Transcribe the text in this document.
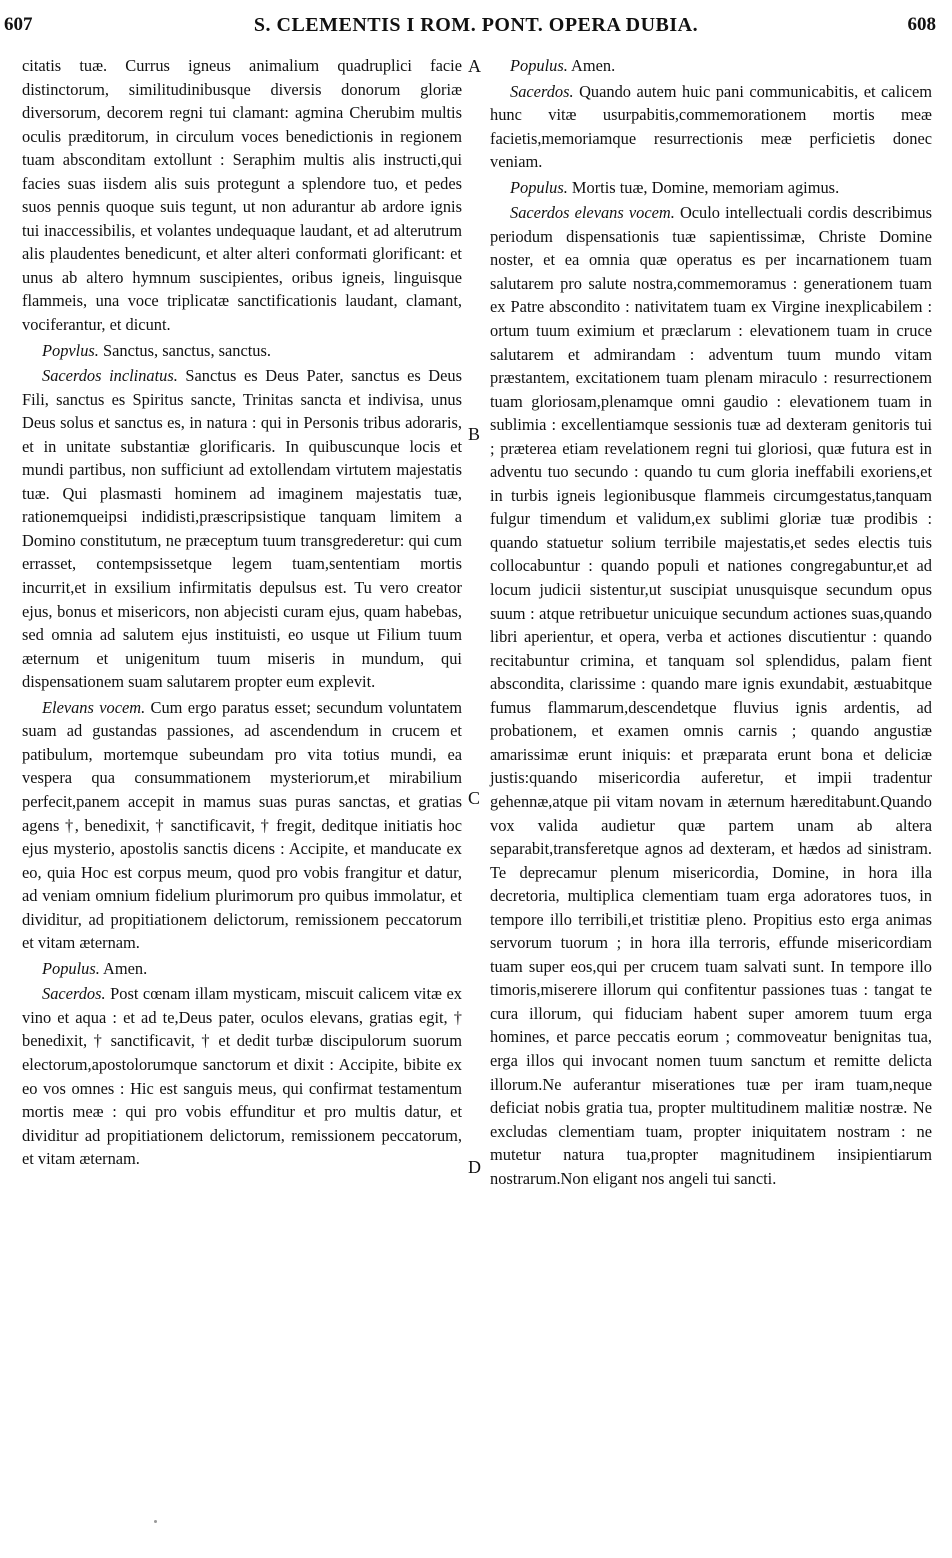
607	S. CLEMENTIS I ROM. PONT. OPERA DUBIA.	608

citatis tuæ. Currus igneus animalium quadruplici facie distinctorum, similitudinibusque diversis donorum gloriæ diversorum, decorem regni tui clamant: agmina Cherubim multis oculis præditorum, in circulum voces benedictionis in regionem tuam absconditam extollunt : Seraphim multis alis instructi,qui facies suas iisdem alis suis protegunt a splendore tuo, et pedes suos pennis quoque suis tegunt, ut non adurantur ab ardore ignis tui inaccessibilis, et volantes undequaque laudant, et ad alterutrum alis plaudentes benedicunt, et alter alteri conformati glorificant: et unus ab altero hymnum suscipientes, oribus igneis, linguisque flammeis, una voce triplicatæ sanctificationis laudant, clamant, vociferantur, et dicunt.

Popvlus. Sanctus, sanctus, sanctus.

Sacerdos inclinatus. Sanctus es Deus Pater, sanctus es Deus Fili, sanctus es Spiritus sancte, Trinitas sancta et indivisa, unus Deus solus et sanctus es, in natura : qui in Personis tribus adoraris, et in unitate substantiæ glorificaris. In quibuscunque locis et mundi partibus, non sufficiunt ad extollendam virtutem majestatis tuæ. Qui plasmasti hominem ad imaginem majestatis tuæ, rationemqueipsi indidisti,præscripsistique tanquam limitem a Domino constitutum, ne præceptum tuum transgrederetur: qui cum errasset, contempsissetque legem tuam,sententiam mortis incurrit,et in exsilium infirmitatis depulsus est. Tu vero creator ejus, bonus et misericors, non abjecisti curam ejus, quam habebas, sed omnia ad salutem ejus instituisti, eo usque ut Filium tuum æternum et unigenitum tuum miseris in mundum, qui dispensationem suam salutarem propter eum explevit.

Elevans vocem. Cum ergo paratus esset; secundum voluntatem suam ad gustandas passiones, ad ascendendum in crucem et patibulum, mortemque subeundam pro vita totius mundi, ea vespera qua consummationem mysteriorum,et mirabilium perfecit,panem accepit in mamus suas puras sanctas, et gratias agens †, benedixit, † sanctificavit, † fregit, deditque initiatis hoc ejus mysterio, apostolis sanctis dicens : Accipite, et manducate ex eo, quia Hoc est corpus meum, quod pro vobis frangitur et datur, ad veniam omnium fidelium plurimorum pro quibus immolatur, et dividitur, ad propitiationem delictorum, remissionem peccatorum et vitam æternam.

Populus. Amen.

Sacerdos. Post cœnam illam mysticam, miscuit calicem vitæ ex vino et aqua : et ad te,Deus pater, oculos elevans, gratias egit, † benedixit, † sanctificavit, † et dedit turbæ discipulorum suorum electorum,apostolorumque sanctorum et dixit : Accipite, bibite ex eo vos omnes : Hic est sanguis meus, qui confirmat testamentum mortis meæ : qui pro vobis effunditur et pro multis datur, et dividitur ad propitiationem delictorum, remissionem peccatorum, et vitam æternam.

A
B
C
D

Populus. Amen.

Sacerdos. Quando autem huic pani communicabitis, et calicem hunc vitæ usurpabitis,commemorationem mortis meæ facietis,memoriamque resurrectionis meæ perficietis donec veniam.

Populus. Mortis tuæ, Domine, memoriam agimus.

Sacerdos elevans vocem. Oculo intellectuali cordis describimus periodum dispensationis tuæ sapientissimæ, Christe Domine noster, et ea omnia quæ operatus es per incarnationem tuam salutarem pro salute nostra,commemoramus : generationem tuam ex Patre abscondito : nativitatem tuam ex Virgine inexplicabilem : ortum tuum eximium et præclarum : elevationem tuam in cruce salutarem et admirandam : adventum tuum mundo vitam præstantem, excitationem tuam plenam miraculo : resurrectionem tuam gloriosam,plenamque omni gaudio : elevationem tuam in sublimia : excellentiamque sessionis tuæ ad dexteram genitoris tui ; præterea etiam revelationem regni tui gloriosi, quæ futura est in adventu tuo secundo : quando tu cum gloria ineffabili exoriens,et in turbis igneis legionibusque flammeis circumgestatus,tanquam fulgur timendum et validum,ex sublimi gloriæ tuæ prodibis : quando statuetur solium terribile majestatis,et sedes electis tuis collocabuntur : quando populi et nationes congregabuntur,et ad locum judicii sistentur,ut suscipiat unusquisque secundum opus suum : atque retribuetur unicuique secundum actiones suas,quando libri aperientur, et opera, verba et actiones discutientur : quando recitabuntur crimina, et tanquam sol splendidus, palam fient abscondita, clarissime : quando mare ignis exundabit, æstuabitque fumus flammarum,descendetque fluvius ignis ardentis, ad probationem, et examen omnis carnis ; quando angustiæ amarissimæ erunt iniquis: et præparata erunt bona et deliciæ justis:quando misericordia auferetur, et impii tradentur gehennæ,atque pii vitam novam in æternum hæreditabunt.Quando vox valida audietur quæ partem unam ab altera separabit,transferetque agnos ad dexteram, et hædos ad sinistram. Te deprecamur plenum misericordia, Domine, in hora illa decretoria, multiplica clementiam tuam erga adoratores tuos, in tempore illo terribili,et tristitiæ pleno. Propitius esto erga animas servorum tuorum ; in hora illa terroris, effunde misericordiam tuam super eos,qui per crucem tuam salvati sunt. In tempore illo timoris,miserere illorum qui confitentur passiones tuas : tangat te cura illorum, qui fiduciam habent super amorem tuum erga homines, et parce peccatis eorum ; commoveatur benignitas tua, erga illos qui invocant nomen tuum sanctum et remitte delicta illorum.Ne auferantur miserationes tuæ per iram tuam,neque deficiat nobis gratia tua, propter multitudinem malitiæ nostræ. Ne excludas clementiam tuam, propter iniquitatem nostram : ne mutetur natura tua,propter magnitudinem insipientiarum nostrarum.Non eligant nos angeli tui sancti.
